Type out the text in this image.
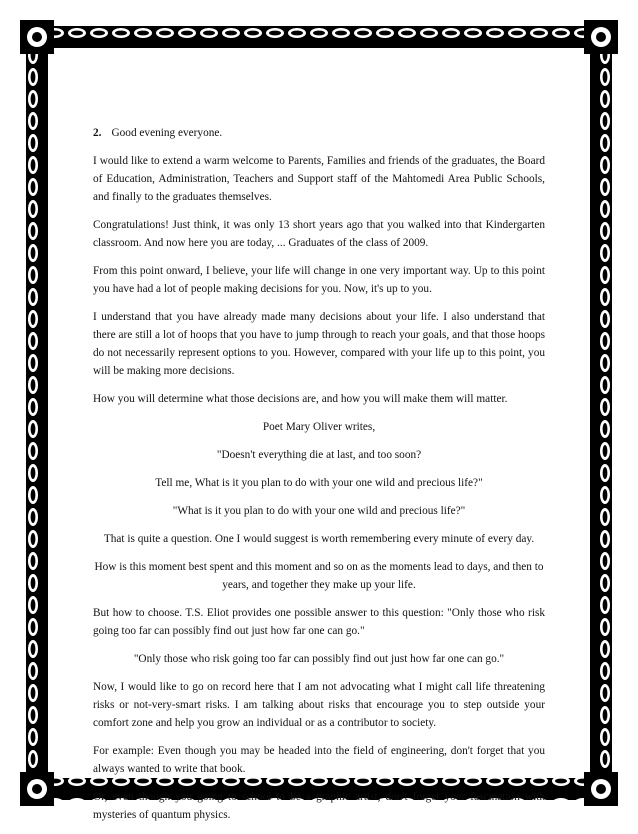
2. Good evening everyone.

I would like to extend a warm welcome to Parents, Families and friends of the graduates, the Board of Education, Administration, Teachers and Support staff of the Mahtomedi Area Public Schools, and finally to the graduates themselves.

Congratulations! Just think, it was only 13 short years ago that you walked into that Kindergarten classroom. And now here you are today, ... Graduates of the class of 2009.

From this point onward, I believe, your life will change in one very important way. Up to this point you have had a lot of people making decisions for you. Now, it's up to you.

I understand that you have already made many decisions about your life. I also understand that there are still a lot of hoops that you have to jump through to reach your goals, and that those hoops do not necessarily represent options to you. However, compared with your life up to this point, you will be making more decisions.

How you will determine what those decisions are, and how you will make them will matter.

Poet Mary Oliver writes,

"Doesn't everything die at last, and too soon?

Tell me, What is it you plan to do with your one wild and precious life?"

"What is it you plan to do with your one wild and precious life?"

That is quite a question. One I would suggest is worth remembering every minute of every day.

How is this moment best spent and this moment and so on as the moments lead to days, and then to years, and together they make up your life.

But how to choose. T.S. Eliot provides one possible answer to this question: "Only those who risk going too far can possibly find out just how far one can go."

"Only those who risk going too far can possibly find out just how far one can go."

Now, I would like to go on record here that I am not advocating what I might call life threatening risks or not-very-smart risks. I am talking about risks that encourage you to step outside your comfort zone and help you grow an individual or as a contributor to society.

For example: Even though you may be headed into the field of engineering, don't forget that you always wanted to write that book.

Or, even though you going to school to be a graphic artist, don't forget your fascination with mysteries of quantum physics.
